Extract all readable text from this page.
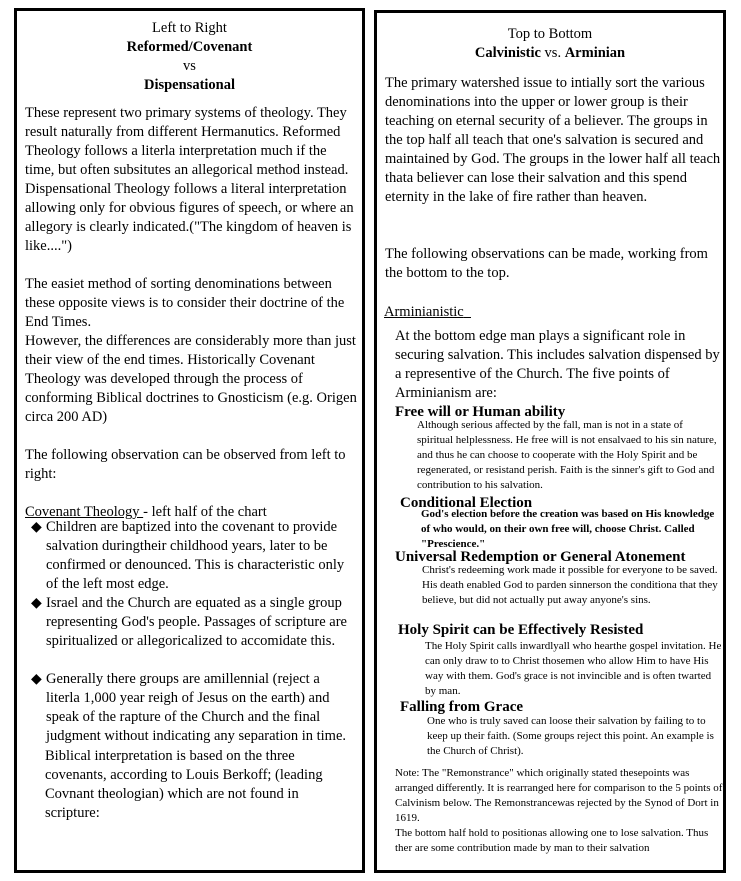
Left to Right
Reformed/Covenant
vs
Dispensational
These represent two primary systems of theology. They result naturally from different Hermanutics. Reformed Theology follows a literla interpretation much if the time, but often subsitutes an allegorical method instead. Dispensational Theology follows a literal interpretation allowing only for obvious figures of speech, or where an allegory is clearly indicated.("The kingdom of heaven is like....")
The easiet method of sorting denominations between these opposite views is to consider their doctrine of the End Times.
However, the differences are considerably more than just their view of the end times. Historically Covenant Theology was developed through the process of conforming Biblical doctrines to Gnosticism (e.g. Origen circa 200 AD)
The following observation can be observed from left to right:
Covenant Theology - left half of the chart
◆ Children are baptized into the covenant to provide salvation duringtheir childhood years, later to be confirmed or denounced. This is characteristic only of the left most edge.
◆ Israel and the Church are equated as a single group representing God's people. Passages of scripture are spiritualized or allegoricalized to accomidate this.
◆ Generally there groups are amillennial (reject a literla 1,000 year reigh of Jesus on the earth) and speak of the rapture of the Church and the final judgment without indicating any separation in time.
Biblical interpretation is based on the three covenants, according to Louis Berkoff; (leading Covnant theologian) which are not found in scripture:
Top to Bottom
Calvinistic vs. Arminian
The primary watershed issue to intially sort the various denominations into the upper or lower group is their teaching on eternal security of a believer. The groups in the top half all teach that one's salvation is secured and maintained by God. The groups in the lower half all teach thata believer can lose their salvation and this spend eternity in the lake of fire rather than heaven.
The following observations can be made, working from the bottom to the top.
Arminianistic
At the bottom edge man plays a significant role in securing salvation. This includes salvation dispensed by a representive of the Church. The five points of Arminianism are:
Free will or Human ability
Although serious affected by the fall, man is not in a state of spiritual helplessness. He free will is not ensalvaed to his sin nature, and thus he can choose to cooperate with the Holy Spirit and be regenerated, or resistand perish. Faith is the sinner's gift to God and contribution to his salvation.
Conditional Election
God's election before the creation was based on His knowledge of who would, on their own free will, choose Christ. Called "Prescience."
Universal Redemption or General Atonement
Christ's redeeming work made it possible for everyone to be saved. His death enabled God to parden sinnerson the conditiona that they believe, but did not actually put away anyone's sins.
Holy Spirit can be Effectively Resisted
The Holy Spirit calls inwardlyall who hearthe gospel invitation. He can only draw to to Christ thosemen who allow Him to have His way with them. God's grace is not invincible and is often twarted by man.
Falling from Grace
One who is truly saved can loose their salvation by failing to to keep up their faith. (Some groups reject this point. An example is the Church of Christ).
Note: The "Remonstrance" which originally stated thesepoints was arranged differently. It is rearranged here for comparison to the 5 points of Calvinism below. The Remonstrancewas rejected by the Synod of Dort in 1619.
The bottom half hold to positionas allowing one to lose salvation. Thus ther are some contribution made by man to their salvation
